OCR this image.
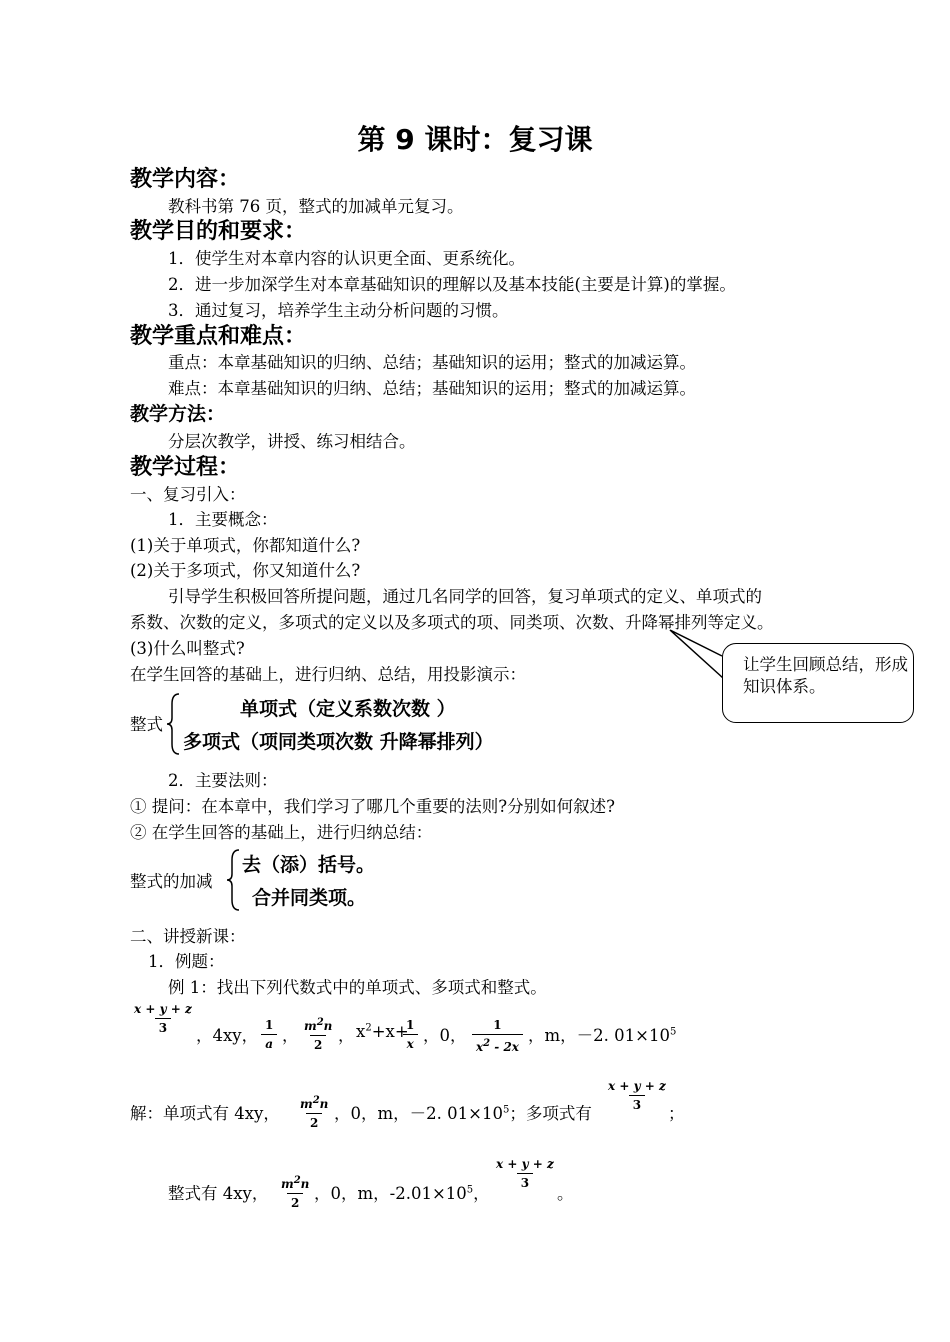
第 9 课时：复习课
教学内容：
教科书第 76 页，整式的加减单元复习。
教学目的和要求：
1．使学生对本章内容的认识更全面、更系统化。
2．进一步加深学生对本章基础知识的理解以及基本技能(主要是计算)的掌握。
3．通过复习，培养学生主动分析问题的习惯。
教学重点和难点：
重点：本章基础知识的归纳、总结；基础知识的运用；整式的加减运算。
难点：本章基础知识的归纳、总结；基础知识的运用；整式的加减运算。
教学方法：
分层次教学，讲授、练习相结合。
教学过程：
一、复习引入：
1．主要概念：
(1)关于单项式，你都知道什么?
(2)关于多项式，你又知道什么?
引导学生积极回答所提问题，通过几名同学的回答，复习单项式的定义、单项式的
系数、次数的定义，多项式的定义以及多项式的项、同类项、次数、升降幂排列等定义。
(3)什么叫整式?
在学生回答的基础上，进行归纳、总结，用投影演示：
让学生回顾总结，形成知识体系。
整式
单项式（定义系数次数 ）
多项式（项同类项次数 升降幂排列）
2．主要法则：
① 提问：在本章中，我们学习了哪几个重要的法则?分别如何叙述?
② 在学生回答的基础上，进行归纳总结：
整式的加减
去（添）括号。
合并同类项。
二、讲授新课：
1．例题：
例 1：找出下列代数式中的单项式、多项式和整式。
$\frac{x + y + z}{3}$
，4xy， $\frac{1}{a}$ ， $\frac{m^2n}{2}$ ， $x^2+x+$
$\frac{1}{x}$ ，0， $\frac{1}{x^2 - 2x}$ ，m，－2. $01\times 10^5$
解：单项式有 4xy， $\frac{m^2n}{2}$ ，0，m，－2. $01\times 10^5$；多项式有
$\frac{x + y + z}{3}$
；
整式有 4xy， $\frac{m^2n}{2}$ ，0，m，$-2.01\times 10^5$，
$\frac{x + y + z}{3}$
。
